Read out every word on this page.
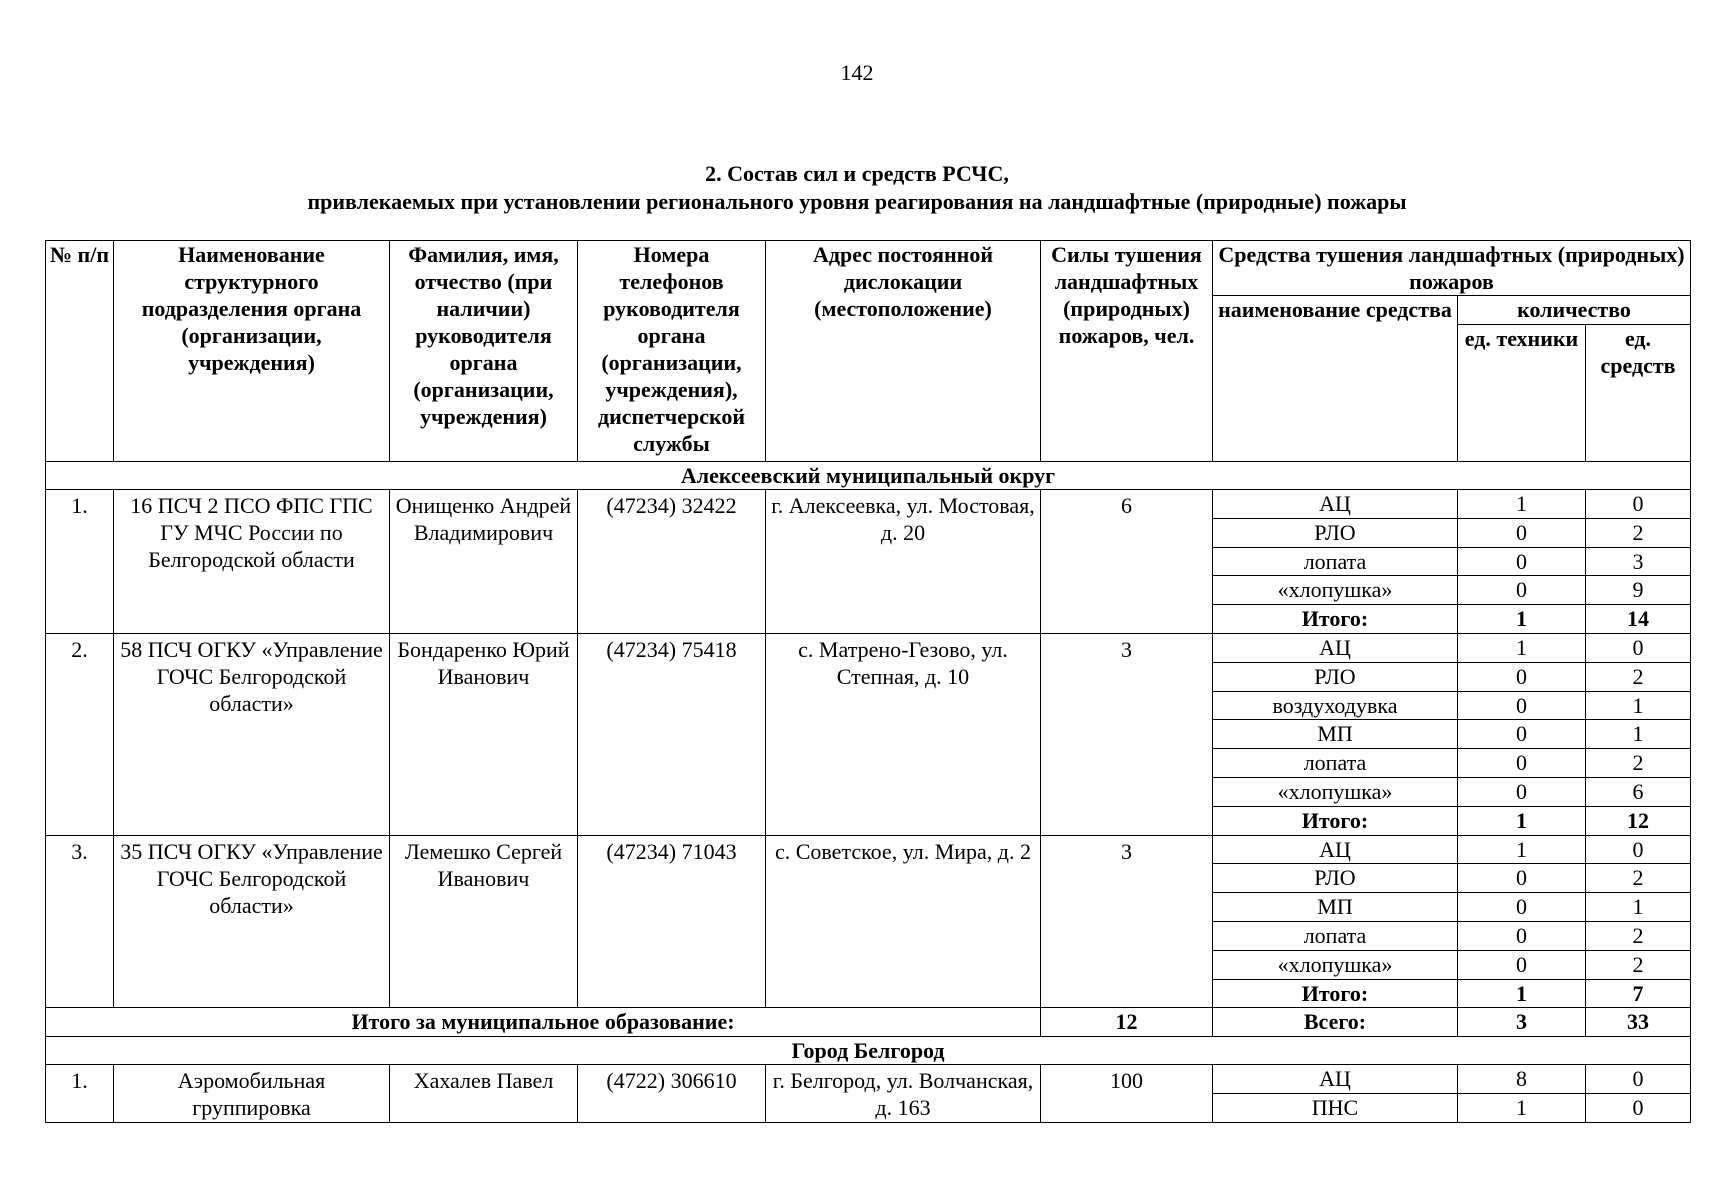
142
2. Состав сил и средств РСЧС,
привлекаемых при установлении регионального уровня реагирования на ландшафтные (природные) пожары
№ п/п	Наименование структурного подразделения органа (организации, учреждения)	Фамилия, имя, отчество (при наличии) руководителя органа (организации, учреждения)	Номера телефонов руководителя органа (организации, учреждения), диспетчерской службы	Адрес постоянной дислокации (местоположение)	Силы тушения ландшафтных (природных) пожаров, чел.	Средства тушения ландшафтных (природных) пожаров		
						наименование средства	количество	
							ед. техники	ед. средств
Алексеевский муниципальный округ								
1.	16 ПСЧ 2 ПСО ФПС ГПС ГУ МЧС России по Белгородской области	Онищенко Андрей Владимирович	(47234) 32422	г. Алексеевка, ул. Мостовая, д. 20	6	АЦ	1	0
						РЛО	0	2
						лопата	0	3
						«хлопушка»	0	9
						Итого:	1	14
2.	58 ПСЧ ОГКУ «Управление ГОЧС Белгородской области»	Бондаренко Юрий Иванович	(47234) 75418	с. Матрено-Гезово, ул. Степная, д. 10	3	АЦ	1	0
						РЛО	0	2
						воздуходувка	0	1
						МП	0	1
						лопата	0	2
						«хлопушка»	0	6
						Итого:	1	12
3.	35 ПСЧ ОГКУ «Управление ГОЧС Белгородской области»	Лемешко Сергей Иванович	(47234) 71043	с. Советское, ул. Мира, д. 2	3	АЦ	1	0
						РЛО	0	2
						МП	0	1
						лопата	0	2
						«хлопушка»	0	2
						Итого:	1	7
Итого за муниципальное образование:					12	Всего:	3	33
Город Белгород								
1.	Аэромобильная группировка	Хахалев Павел	(4722) 306610	г. Белгород, ул. Волчанская, д. 163	100	АЦ	8	0
						ПНС	1	0
